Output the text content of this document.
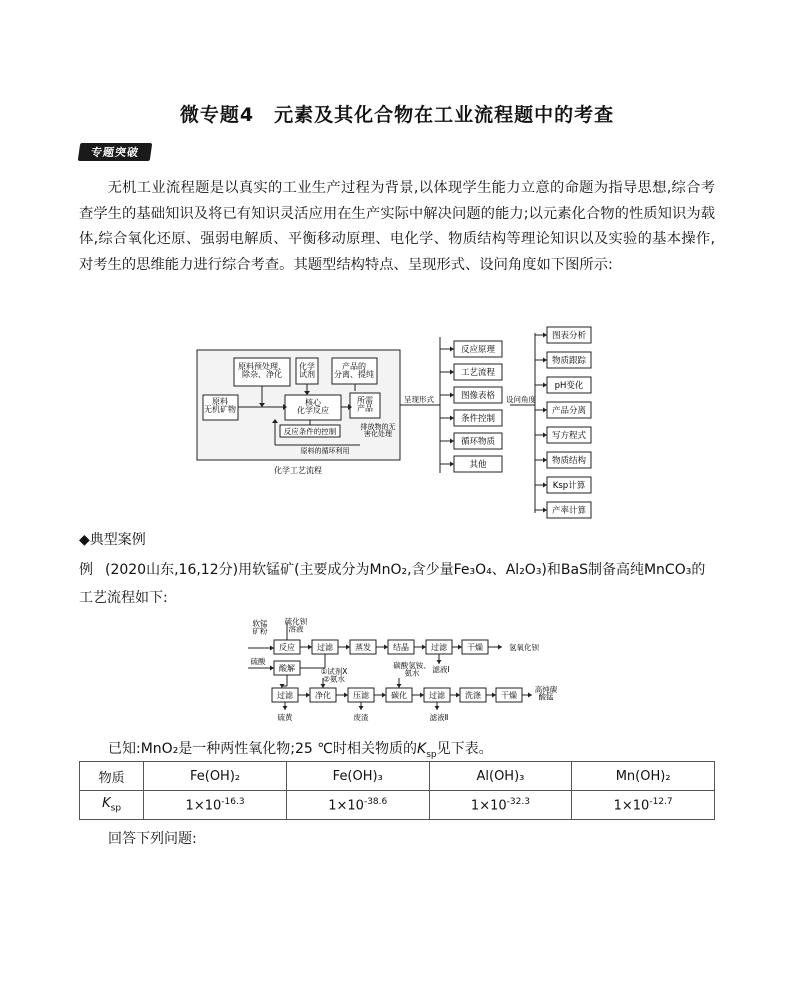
微专题4　元素及其化合物在工业流程题中的考查
专题突破
无机工业流程题是以真实的工业生产过程为背景,以体现学生能力立意的命题为指导思想,综合考查学生的基础知识及将已有知识灵活应用在生产实际中解决问题的能力;以元素化合物的性质知识为载体,综合氧化还原、强弱电解质、平衡移动原理、电化学、物质结构等理论知识以及实验的基本操作,对考生的思维能力进行综合考查。其题型结构特点、呈现形式、设问角度如下图所示:
反应原理
工艺流程
图像表格
条件控制
循环物质
其他
图表分析
物质跟踪
pH变化
产品分离
写方程式
物质结构
Ksp计算
产率计算
原料预处理、
除杂、净化
化学
试剂
核心
化学反应
产品的
分离、提纯
所需
产品
反应条件的控制	排放物的无
害化处理
原料的循环利用
化学工艺流程
呈现形式	设问角度
原料
无机矿物
◆典型案例
例 (2020山东,16,12分)用软锰矿(主要成分为MnO₂,含少量Fe₃O₄、Al₂O₃)和BaS制备高纯MnCO₃的工艺流程如下:
软锰
矿粉
硫化钡
溶液
反应	过滤	蒸发	结晶	过滤	干燥	氢氧化钡
滤液Ⅰ
硫酸
酸解
过滤	净化
①试剂X
②氨水
压滤	碳化
碳酸氢铵、
氨水
过滤	洗涤	干燥
高纯碳
酸锰
硫黄	废渣	滤液Ⅱ
已知:MnO₂是一种两性氧化物;25 ℃时相关物质的$K_{sp}$见下表。
物质	Fe(OH)₂	Fe(OH)₃	Al(OH)₃	Mn(OH)₂
$K_{sp}$	$1\times 10^{-16.3}$	$1\times 10^{-38.6}$	$1\times 10^{-32.3}$	$1\times 10^{-12.7}$
回答下列问题:
